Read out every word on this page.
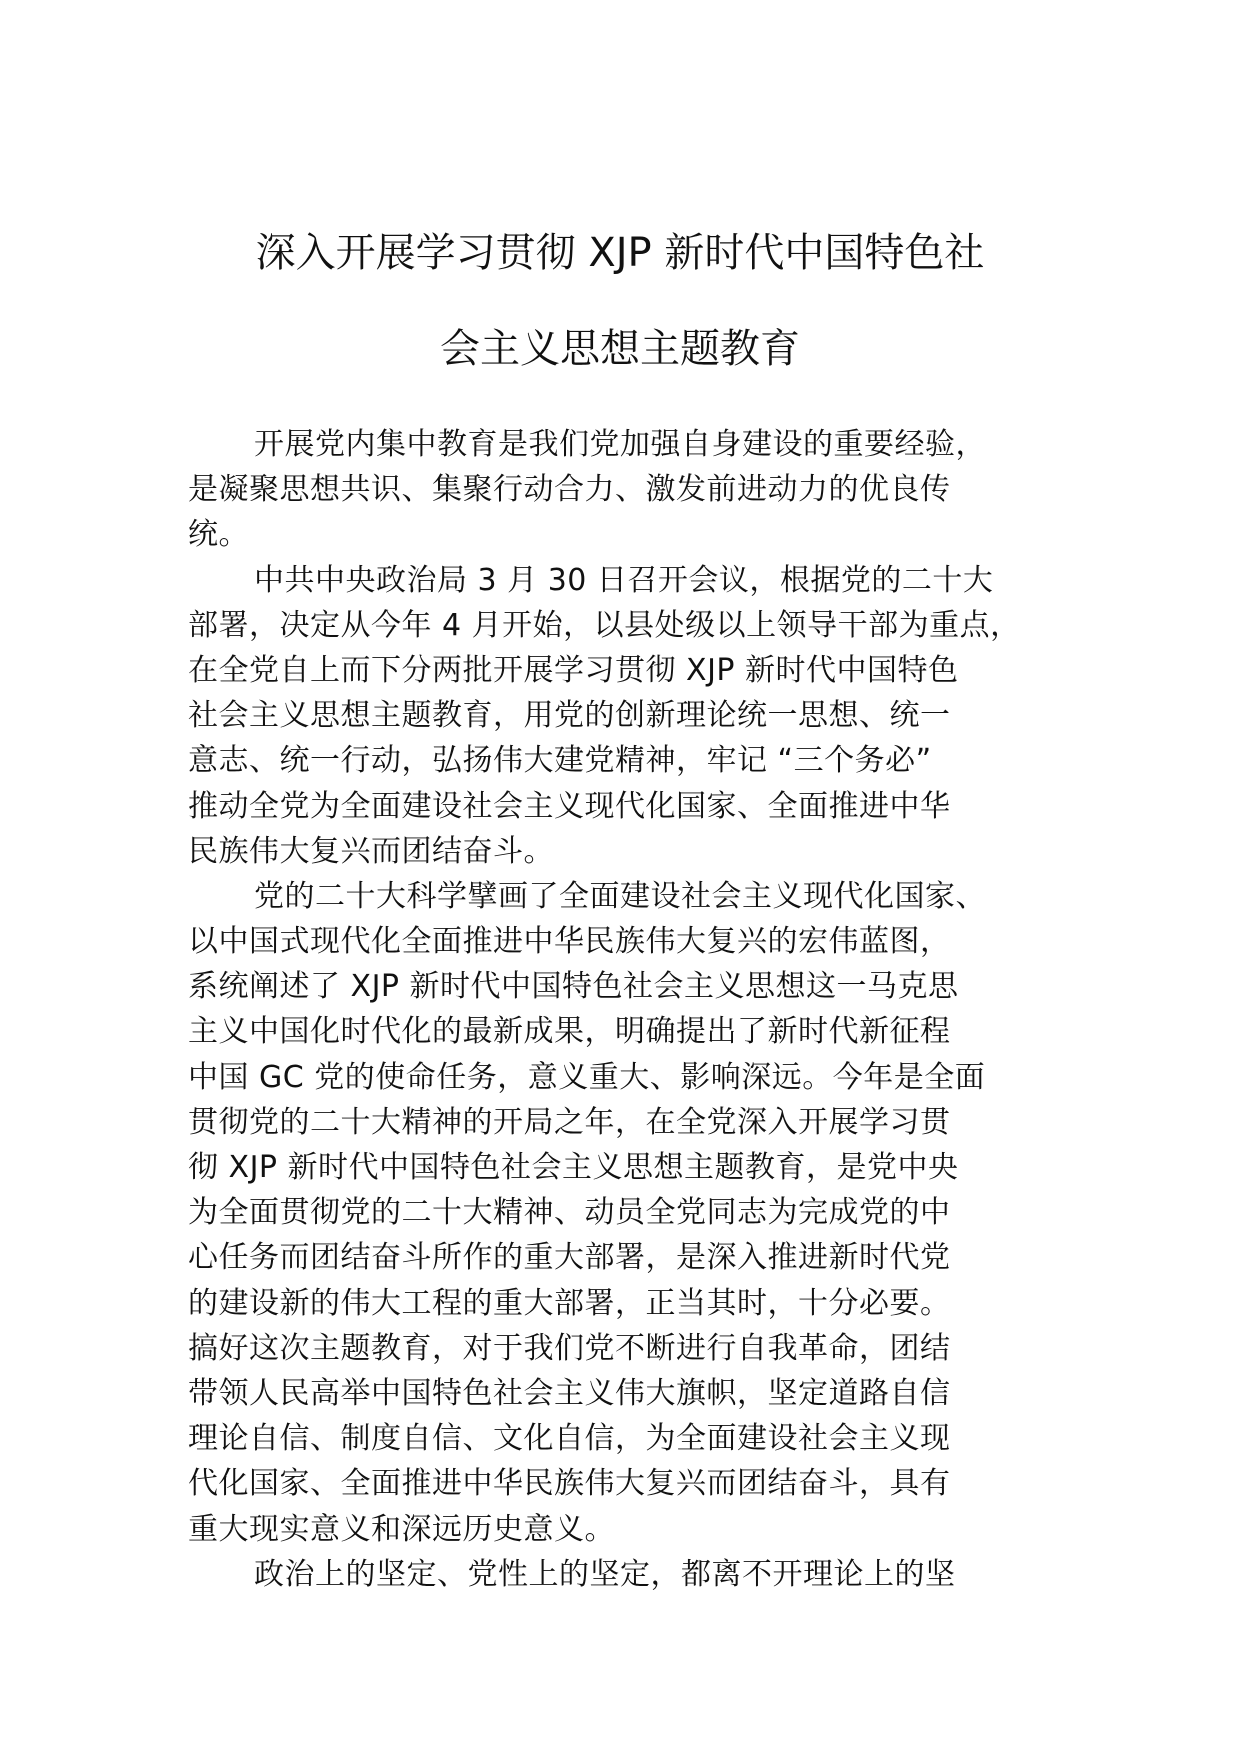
深入开展学习贯彻 XJP 新时代中国特色社
会主义思想主题教育
开展党内集中教育是我们党加强自身建设的重要经验，
是凝聚思想共识、集聚行动合力、激发前进动力的优良传
统。
中共中央政治局 3 月 30 日召开会议，根据党的二十大
部署，决定从今年 4 月开始，以县处级以上领导干部为重点，
在全党自上而下分两批开展学习贯彻 XJP 新时代中国特色
社会主义思想主题教育，用党的创新理论统一思想、统一
意志、统一行动，弘扬伟大建党精神，牢记 “三个务必”
推动全党为全面建设社会主义现代化国家、全面推进中华
民族伟大复兴而团结奋斗。
党的二十大科学擘画了全面建设社会主义现代化国家、
以中国式现代化全面推进中华民族伟大复兴的宏伟蓝图，
系统阐述了 XJP 新时代中国特色社会主义思想这一马克思
主义中国化时代化的最新成果，明确提出了新时代新征程
中国 GC 党的使命任务，意义重大、影响深远。今年是全面
贯彻党的二十大精神的开局之年，在全党深入开展学习贯
彻 XJP 新时代中国特色社会主义思想主题教育，是党中央
为全面贯彻党的二十大精神、动员全党同志为完成党的中
心任务而团结奋斗所作的重大部署，是深入推进新时代党
的建设新的伟大工程的重大部署，正当其时，十分必要。
搞好这次主题教育，对于我们党不断进行自我革命，团结
带领人民高举中国特色社会主义伟大旗帜，坚定道路自信
理论自信、制度自信、文化自信，为全面建设社会主义现
代化国家、全面推进中华民族伟大复兴而团结奋斗，具有
重大现实意义和深远历史意义。
政治上的坚定、党性上的坚定，都离不开理论上的坚
